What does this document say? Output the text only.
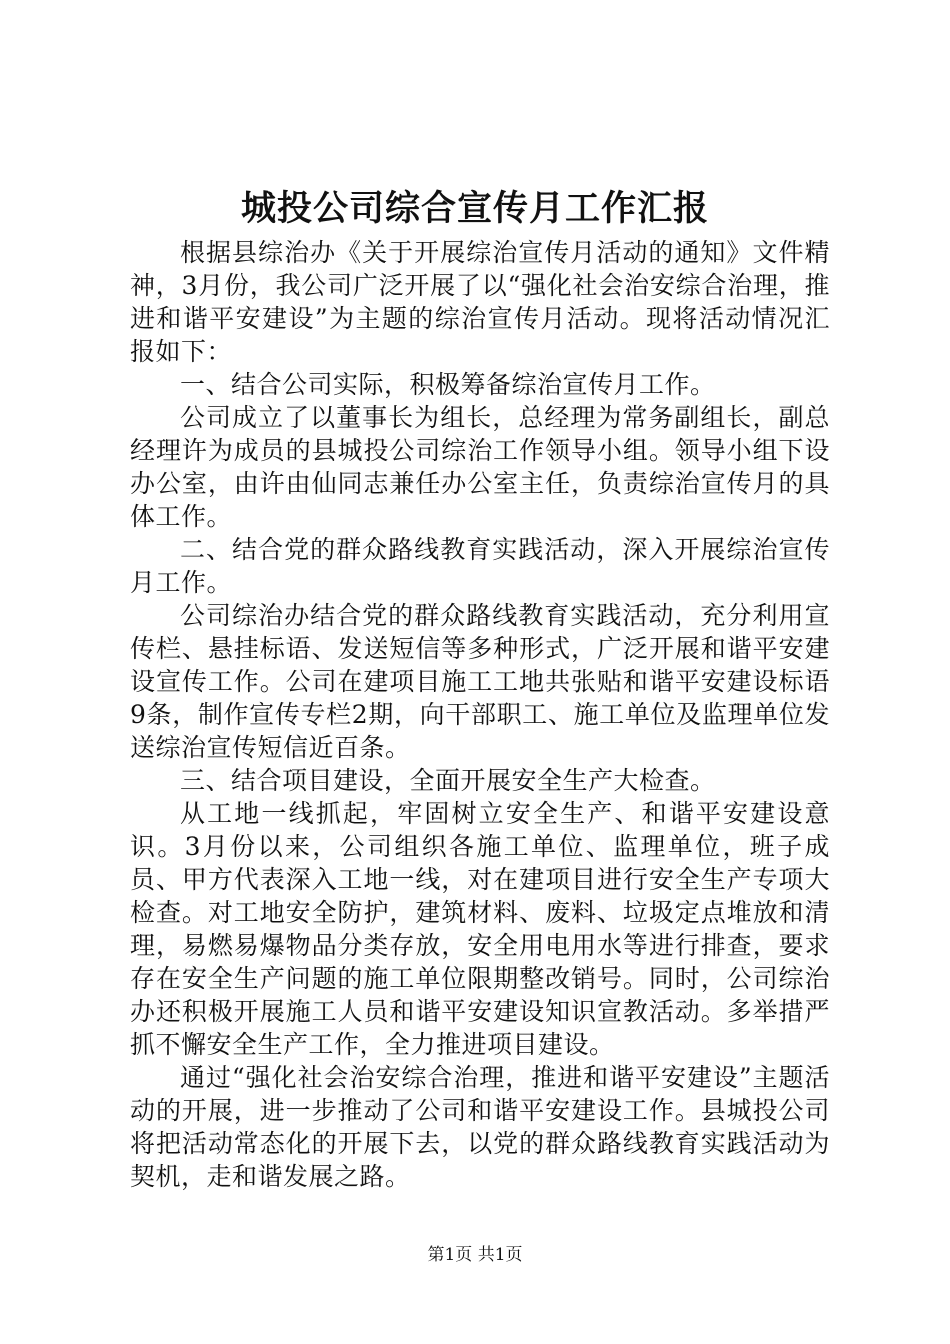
城投公司综合宣传月工作汇报

根据县综治办《关于开展综治宣传月活动的通知》文件精神，3月份，我公司广泛开展了以“强化社会治安综合治理，推进和谐平安建设”为主题的综治宣传月活动。现将活动情况汇报如下：

一、结合公司实际，积极筹备综治宣传月工作。

公司成立了以董事长为组长，总经理为常务副组长，副总经理许为成员的县城投公司综治工作领导小组。领导小组下设办公室，由许由仙同志兼任办公室主任，负责综治宣传月的具体工作。

二、结合党的群众路线教育实践活动，深入开展综治宣传月工作。

公司综治办结合党的群众路线教育实践活动，充分利用宣传栏、悬挂标语、发送短信等多种形式，广泛开展和谐平安建设宣传工作。公司在建项目施工工地共张贴和谐平安建设标语9条，制作宣传专栏2期，向干部职工、施工单位及监理单位发送综治宣传短信近百条。

三、结合项目建设，全面开展安全生产大检查。

从工地一线抓起，牢固树立安全生产、和谐平安建设意识。3月份以来，公司组织各施工单位、监理单位，班子成员、甲方代表深入工地一线，对在建项目进行安全生产专项大检查。对工地安全防护，建筑材料、废料、垃圾定点堆放和清理，易燃易爆物品分类存放，安全用电用水等进行排查，要求存在安全生产问题的施工单位限期整改销号。同时，公司综治办还积极开展施工人员和谐平安建设知识宣教活动。多举措严抓不懈安全生产工作，全力推进项目建设。

通过“强化社会治安综合治理，推进和谐平安建设”主题活动的开展，进一步推动了公司和谐平安建设工作。县城投公司将把活动常态化的开展下去，以党的群众路线教育实践活动为契机，走和谐发展之路。

第1页 共1页
